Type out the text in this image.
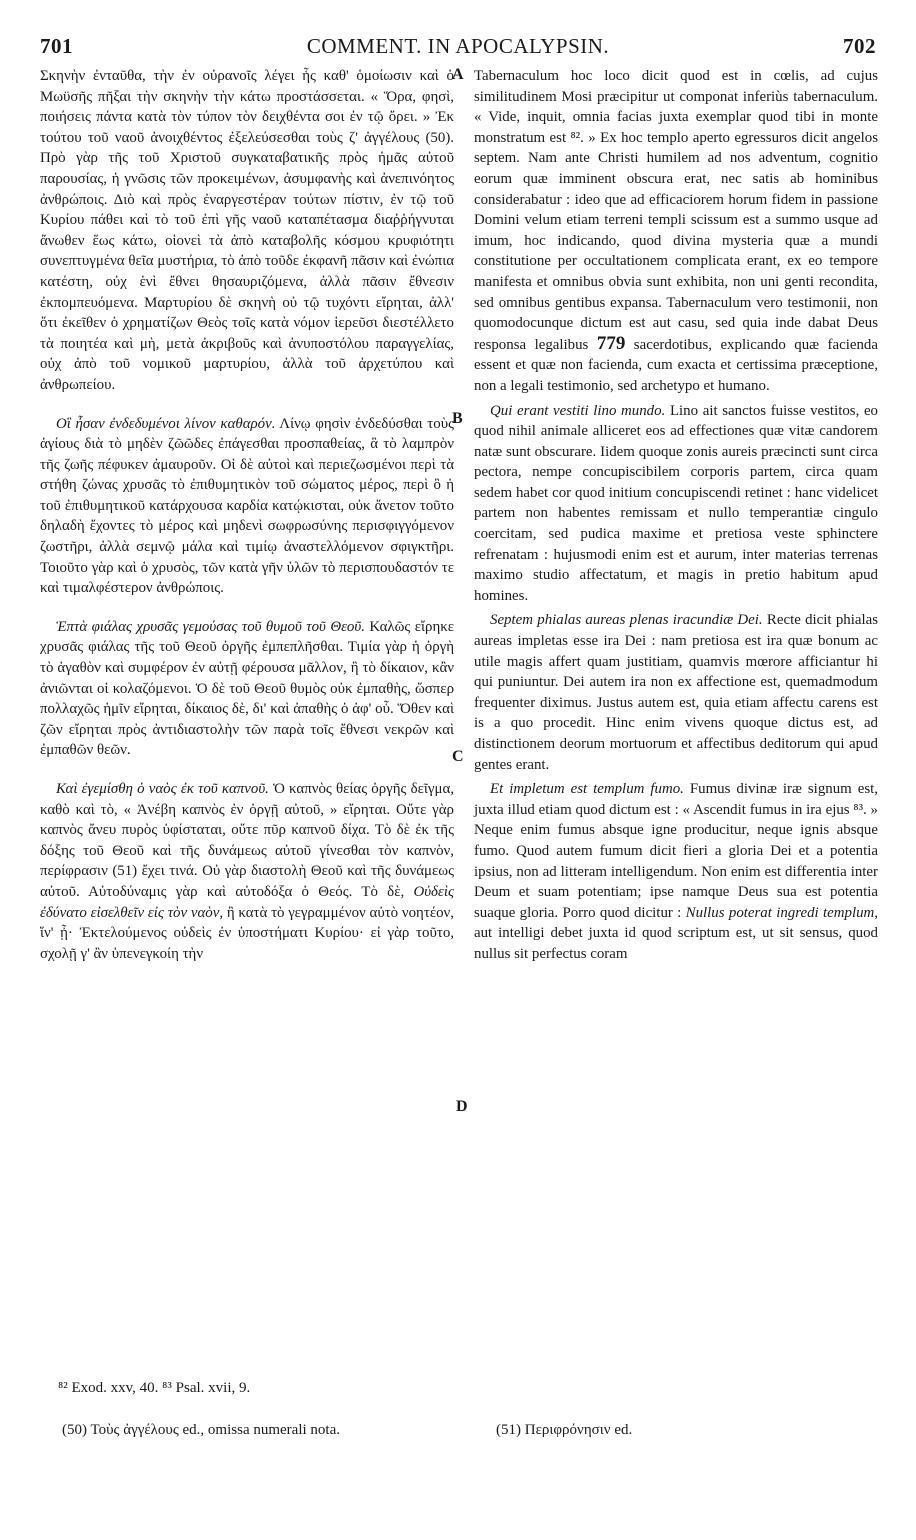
701	COMMENT. IN APOCALYPSIN.	702

Σκηνὴν ἐνταῦθα, τὴν ἐν οὐρανοῖς λέγει ἧς καθ' ὁμοίωσιν καὶ ὁ Μωϋσῆς πῆξαι τὴν σκηνὴν τὴν κάτω προστάσσεται. « Ὅρα, φησὶ, ποιήσεις πάντα κατὰ τὸν τύπον τὸν δειχθέντα σοι ἐν τῷ ὄρει. » Ἐκ τούτου τοῦ ναοῦ ἀνοιχθέντος ἐξελεύσεσθαι τοὺς ζ' ἀγγέλους (50). Πρὸ γὰρ τῆς τοῦ Χριστοῦ συγκαταβατικῆς πρὸς ἡμᾶς αὐτοῦ παρουσίας, ἡ γνῶσις τῶν προκειμένων, ἀσυμφανὴς καὶ ἀνεπινόητος ἀνθρώποις. Διὸ καὶ πρὸς ἐναργεστέραν τούτων πίστιν, ἐν τῷ τοῦ Κυρίου πάθει καὶ τὸ τοῦ ἐπὶ γῆς ναοῦ καταπέτασμα διαῤῥήγνυται ἄνωθεν ἕως κάτω, οἱονεὶ τὰ ἀπὸ καταβολῆς κόσμου κρυφιότητι συνεπτυγμένα θεῖα μυστήρια, τὸ ἀπὸ τοῦδε ἐκφανῆ πᾶσιν καὶ ἐνώπια κατέστη, οὐχ ἑνὶ ἔθνει θησαυριζόμενα, ἀλλὰ πᾶσιν ἔθνεσιν ἐκπομπευόμενα. Μαρτυρίου δὲ σκηνὴ οὐ τῷ τυχόντι εἴρηται, ἀλλ' ὅτι ἐκεῖθεν ὁ χρηματίζων Θεὸς τοῖς κατὰ νόμον ἱερεῦσι διεστέλλετο τὰ ποιητέα καὶ μὴ, μετὰ ἀκριβοῦς καὶ ἀνυποστόλου παραγγελίας, οὐχ ἀπὸ τοῦ νομικοῦ μαρτυρίου, ἀλλὰ τοῦ ἀρχετύπου καὶ ἀνθρωπείου.

Οἳ ἦσαν ἐνδεδυμένοι λίνον καθαρόν. Λίνῳ φησὶν ἐνδεδύσθαι τοὺς ἁγίους διὰ τὸ μηδὲν ζῶῶδες ἐπάγεσθαι προσπαθείας, ἃ τὸ λαμπρὸν τῆς ζωῆς πέφυκεν ἀμαυροῦν. Οἱ δὲ αὐτοὶ καὶ περιεζωσμένοι περὶ τὰ στήθη ζώνας χρυσᾶς τὸ ἐπιθυμητικὸν τοῦ σώματος μέρος, περὶ ὃ ἡ τοῦ ἐπιθυμητικοῦ κατάρχουσα καρδία κατῴκισται, οὐκ ἄνετον τοῦτο δηλαδὴ ἔχοντες τὸ μέρος καὶ μηδενὶ σωφρωσύνης περισφιγγόμενον ζωστῆρι, ἀλλὰ σεμνῷ μάλα καὶ τιμίῳ ἀναστελλόμενον σφιγκτῆρι. Τοιοῦτο γὰρ καὶ ὁ χρυσὸς, τῶν κατὰ γῆν ὑλῶν τὸ περισπουδαστόν τε καὶ τιμαλφέστερον ἀνθρώποις.

Ἑπτὰ φιάλας χρυσᾶς γεμούσας τοῦ θυμοῦ τοῦ Θεοῦ. Καλῶς εἴρηκε χρυσᾶς φιάλας τῆς τοῦ Θεοῦ ὀργῆς ἐμπεπλῆσθαι. Τιμία γὰρ ἡ ὀργὴ τὸ ἀγαθὸν καὶ συμφέρον ἐν αὐτῇ φέρουσα μᾶλλον, ἢ τὸ δίκαιον, κἂν ἀνιῶνται οἱ κολαζόμενοι. Ὁ δὲ τοῦ Θεοῦ θυμὸς οὐκ ἐμπαθὴς, ὥσπερ πολλαχῶς ἡμῖν εἴρηται, δίκαιος δὲ, δι' καὶ ἀπαθὴς ὁ ἀφ' οὗ. Ὅθεν καὶ ζῶν εἴρηται πρὸς ἀντιδιαστολὴν τῶν παρὰ τοῖς ἔθνεσι νεκρῶν καὶ ἐμπαθῶν θεῶν.

Καὶ ἐγεμίσθη ὁ ναὸς ἐκ τοῦ καπνοῦ. Ὁ καπνὸς θείας ὀργῆς δεῖγμα, καθὸ καὶ τὸ, « Ἀνέβη καπνὸς ἐν ὀργῇ αὐτοῦ, » εἴρηται. Οὔτε γὰρ καπνὸς ἄνευ πυρὸς ὑφίσταται, οὔτε πῦρ καπνοῦ δίχα. Τὸ δὲ ἐκ τῆς δόξης τοῦ Θεοῦ καὶ τῆς δυνάμεως αὐτοῦ γίνεσθαι τὸν καπνὸν, περίφρασιν (51) ἔχει τινά. Οὐ γὰρ διαστολὴ Θεοῦ καὶ τῆς δυνάμεως αὐτοῦ. Αὐτοδύναμις γὰρ καὶ αὐτοδόξα ὁ Θεός. Τὸ δὲ, Οὐδεὶς ἐδύνατο εἰσελθεῖν εἰς τὸν ναὸν, ἢ κατὰ τὸ γεγραμμένον αὐτὸ νοητέον, ἵν' ᾖ· Ἐκτελούμενος οὐδεὶς ἐν ὑποστήματι Κυρίου· εἰ γὰρ τοῦτο, σχολῇ γ' ἂν ὑπενεγκοίη τὴν

A
B
C
D

Tabernaculum hoc loco dicit quod est in cœlis, ad cujus similitudinem Mosi præcipitur ut componat inferiùs tabernaculum. « Vide, inquit, omnia facias juxta exemplar quod tibi in monte monstratum est ⁸². » Ex hoc templo aperto egressuros dicit angelos septem. Nam ante Christi humilem ad nos adventum, cognitio eorum quæ imminent obscura erat, nec satis ab hominibus considerabatur : ideo que ad efficaciorem horum fidem in passione Domini velum etiam terreni templi scissum est a summo usque ad imum, hoc indicando, quod divina mysteria quæ a mundi constitutione per occultationem complicata erant, ex eo tempore manifesta et omnibus obvia sunt exhibita, non uni genti recondita, sed omnibus gentibus expansa. Tabernaculum vero testimonii, non quomodocunque dictum est aut casu, sed quia inde dabat Deus responsa legalibus 779 sacerdotibus, explicando quæ facienda essent et quæ non facienda, cum exacta et certissima præceptione, non a legali testimonio, sed archetypo et humano.

Qui erant vestiti lino mundo. Lino ait sanctos fuisse vestitos, eo quod nihil animale alliceret eos ad effectiones quæ vitæ candorem natæ sunt obscurare. Iidem quoque zonis aureis præcincti sunt circa pectora, nempe concupiscibilem corporis partem, circa quam sedem habet cor quod initium concupiscendi retinet : hanc videlicet partem non habentes remissam et nullo temperantiæ cingulo coercitam, sed pudica maxime et pretiosa veste sphinctere refrenatam : hujusmodi enim est et aurum, inter materias terrenas maximo studio affectatum, et magis in pretio habitum apud homines.

Septem phialas aureas plenas iracundiæ Dei. Recte dicit phialas aureas impletas esse ira Dei : nam pretiosa est ira quæ bonum ac utile magis affert quam justitiam, quamvis mœrore afficiantur hi qui puniuntur. Dei autem ira non ex affectione est, quemadmodum frequenter diximus. Justus autem est, quia etiam affectu carens est is a quo procedit. Hinc enim vivens quoque dictus est, ad distinctionem deorum mortuorum et affectibus deditorum qui apud gentes erant.

Et impletum est templum fumo. Fumus divinæ iræ signum est, juxta illud etiam quod dictum est : « Ascendit fumus in ira ejus ⁸³. » Neque enim fumus absque igne producitur, neque ignis absque fumo. Quod autem fumum dicit fieri a gloria Dei et a potentia ipsius, non ad litteram intelligendum. Non enim est differentia inter Deum et suam potentiam; ipse namque Deus sua est potentia suaque gloria. Porro quod dicitur : Nullus poterat ingredi templum, aut intelligi debet juxta id quod scriptum est, ut sit sensus, quod nullus sit perfectus coram

⁸² Exod. xxv, 40. ⁸³ Psal. xvii, 9.
(50) Τοὺς ἀγγέλους ed., omissa numerali nota.	(51) Περιφρόνησιν ed.
